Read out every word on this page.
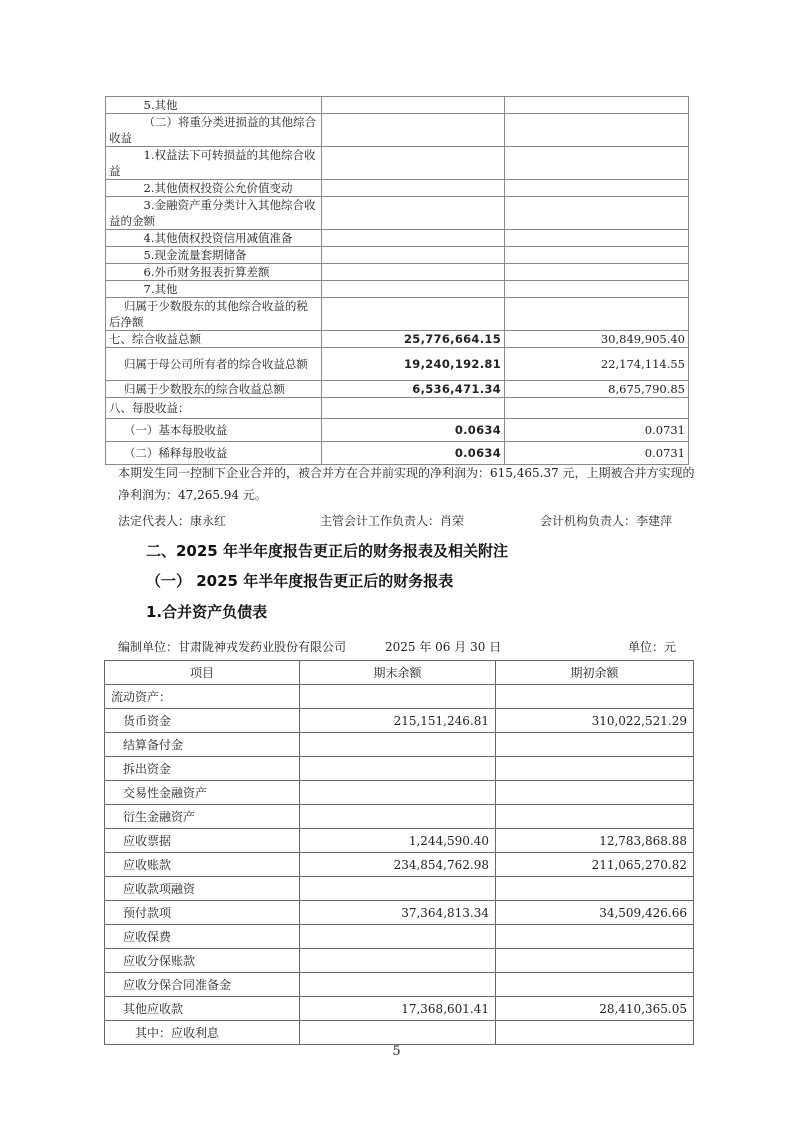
5.其他		
（二）将重分类进损益的其他综合收益		
1.权益法下可转损益的其他综合收益		
2.其他债权投资公允价值变动		
3.金融资产重分类计入其他综合收益的金额		
4.其他债权投资信用减值准备		
5.现金流量套期储备		
6.外币财务报表折算差额		
7.其他		
归属于少数股东的其他综合收益的税后净额		
七、综合收益总额	25,776,664.15	30,849,905.40
归属于母公司所有者的综合收益总额	19,240,192.81	22,174,114.55
归属于少数股东的综合收益总额	6,536,471.34	8,675,790.85
八、每股收益：		
（一）基本每股收益	0.0634	0.0731
（二）稀释每股收益	0.0634	0.0731
本期发生同一控制下企业合并的，被合并方在合并前实现的净利润为：615,465.37 元，上期被合并方实现的净利润为：47,265.94 元。
法定代表人：康永红	主管会计工作负责人：肖荣	会计机构负责人：李建萍
二、2025 年半年度报告更正后的财务报表及相关附注
（一） 2025 年半年度报告更正后的财务报表
1.合并资产负债表
编制单位：甘肃陇神戎发药业股份有限公司	2025 年 06 月 30 日	单位：元
项目	期末余额	期初余额
流动资产：		
货币资金	215,151,246.81	310,022,521.29
结算备付金		
拆出资金		
交易性金融资产		
衍生金融资产		
应收票据	1,244,590.40	12,783,868.88
应收账款	234,854,762.98	211,065,270.82
应收款项融资		
预付款项	37,364,813.34	34,509,426.66
应收保费		
应收分保账款		
应收分保合同准备金		
其他应收款	17,368,601.41	28,410,365.05
其中：应收利息		
5
